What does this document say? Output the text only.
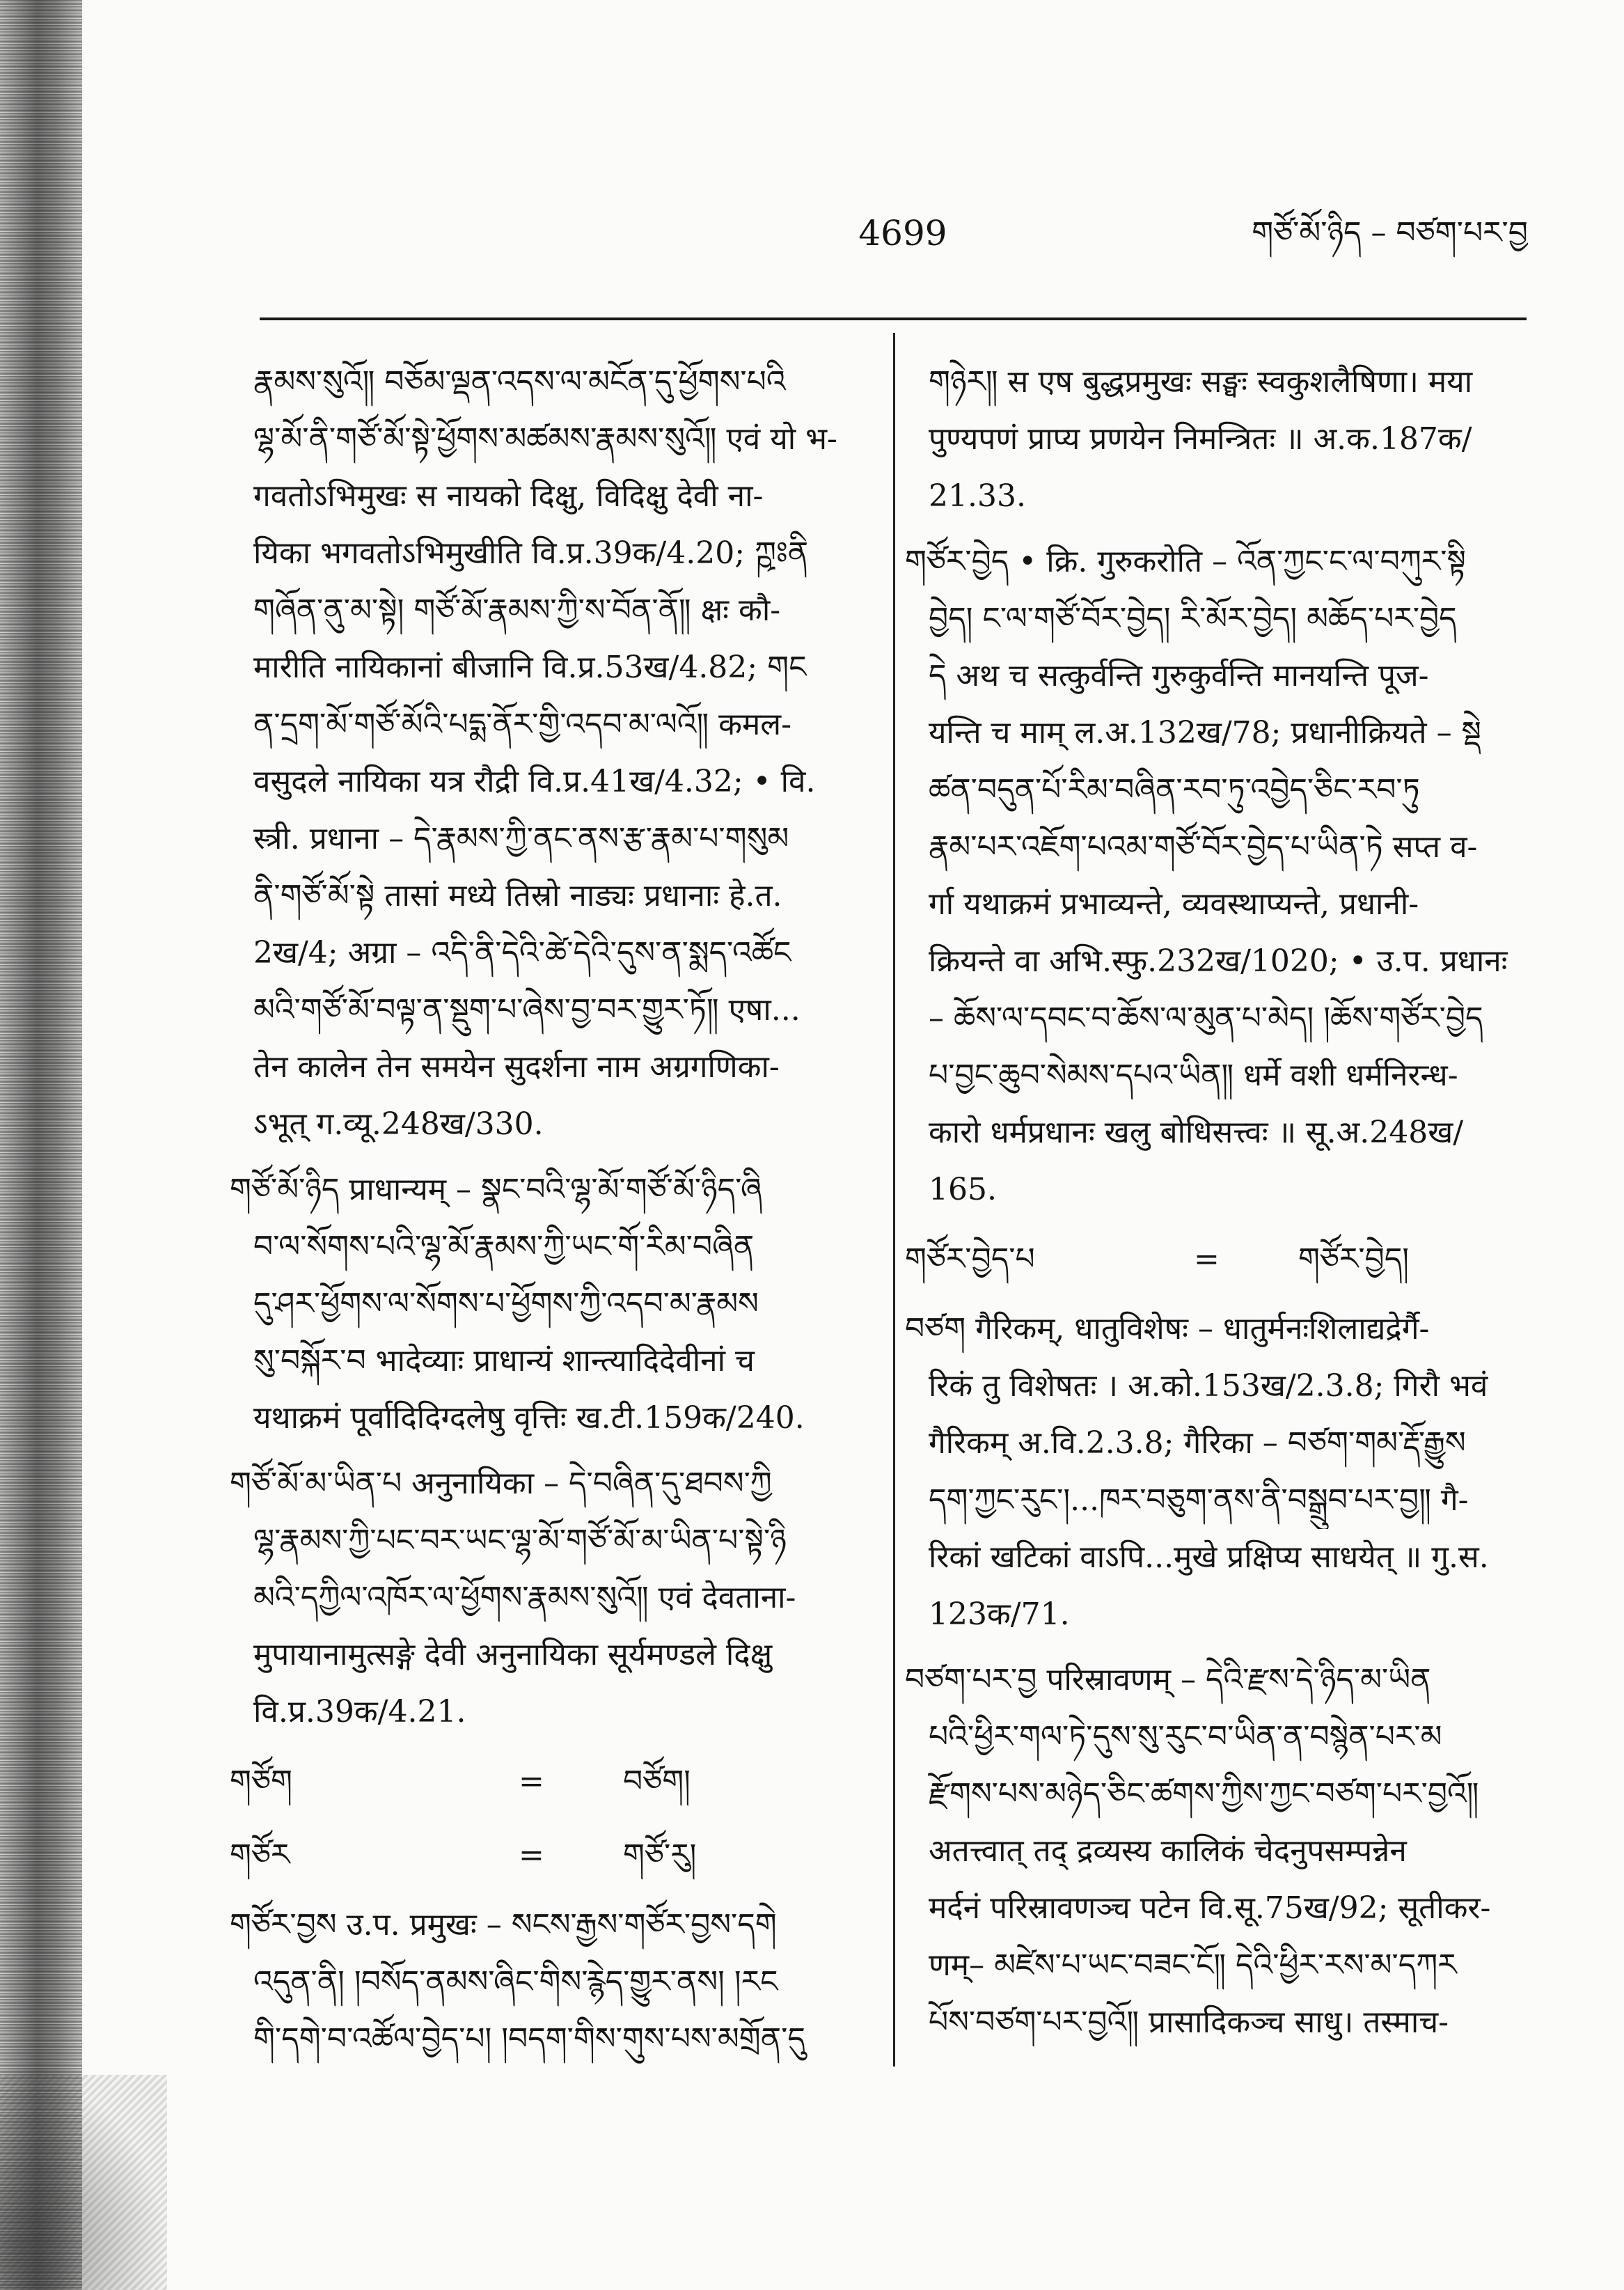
4699	གཙོ་མོ་ཉིད – བཙག་པར་བྱ
རྣམས་སུའོ༎ བཅོམ་ལྡན་འདས་ལ་མངོན་དུ་ཕྱོགས་པའི
ལྷ་མོ་ནི་གཙོ་མོ་སྟེ་ཕྱོགས་མཚམས་རྣམས་སུའོ༎ एवं यो भ-
गवतोऽभिमुखः स नायको दिक्षु, विदिक्षु देवी ना-
यिका भगवतोऽभिमुखीति वि.प्र.39क/4.20; ཀྵཿནི
གཞོན་ནུ་མ་སྟེ། གཙོ་མོ་རྣམས་ཀྱི་ས་བོན་ནོ༎ क्षः कौ-
मारीति नायिकानां बीजानि वि.प्र.53ख/4.82; གང
ན་དྲག་མོ་གཙོ་མོའི་པདྨ་ནོར་གྱི་འདབ་མ་ལའོ༎ कमल-
वसुदले नायिका यत्र रौद्री वि.प्र.41ख/4.32; • वि.
स्त्री. प्रधाना – དེ་རྣམས་ཀྱི་ནང་ནས་རྩ་རྣམ་པ་གསུམ
ནི་གཙོ་མོ་སྟེ तासां मध्ये तिस्रो नाड्यः प्रधानाः हे.त.
2ख/4; अग्रा – འདི་ནི་དེའི་ཚེ་དེའི་དུས་ན་སྨད་འཚོང
མའི་གཙོ་མོ་བལྟ་ན་སྡུག་པ་ཞེས་བྱ་བར་གྱུར་ཏོ༎ एषा...
तेन कालेन तेन समयेन सुदर्शना नाम अग्रगणिका-
ऽभूत् ग.व्यू.248ख/330.
གཙོ་མོ་ཉིད प्राधान्यम् – སྣང་བའི་ལྷ་མོ་གཙོ་མོ་ཉིད་ཞི
བ་ལ་སོགས་པའི་ལྷ་མོ་རྣམས་ཀྱི་ཡང་གོ་རིམ་བཞིན
དུ་ཤར་ཕྱོགས་ལ་སོགས་པ་ཕྱོགས་ཀྱི་འདབ་མ་རྣམས
སུ་བསྐོར་བ भादेव्याः प्राधान्यं शान्त्यादिदेवीनां च
यथाक्रमं पूर्वादिदिग्दलेषु वृत्तिः ख.टी.159क/240.
གཙོ་མོ་མ་ཡིན་པ अनुनायिका – དེ་བཞིན་དུ་ཐབས་ཀྱི
ལྷ་རྣམས་ཀྱི་པང་བར་ཡང་ལྷ་མོ་གཙོ་མོ་མ་ཡིན་པ་སྟེ་ཉི
མའི་དཀྱིལ་འཁོར་ལ་ཕྱོགས་རྣམས་སུའོ༎ एवं देवताना-
मुपायानामुत्सङ्गे देवी अनुनायिका सूर्यमण्डले दिक्षु
वि.प्र.39क/4.21.
གཙོག	=	བཙོག།
གཙོར	=	གཙོ་རུ།
གཙོར་བྱས उ.प. प्रमुखः – སངས་རྒྱས་གཙོར་བྱས་དགེ
འདུན་ནི། །བསོད་ནམས་ཞིང་གིས་རྙེད་གྱུར་ནས། །རང
གི་དགེ་བ་འཚོལ་བྱེད་པ། །བདག་གིས་གུས་པས་མགྲོན་དུ
གཉེར༎ स एष बुद्धप्रमुखः सङ्घः स्वकुशलैषिणा। मया
पुण्यपणं प्राप्य प्रणयेन निमन्त्रितः ॥ अ.क.187क/
21.33.
གཙོར་བྱེད • क्रि. गुरुकरोति – འོན་ཀྱང་ང་ལ་བཀུར་སྟི
བྱེད། ང་ལ་གཙོ་བོར་བྱེད། རི་མོར་བྱེད། མཆོད་པར་བྱེད
དེ अथ च सत्कुर्वन्ति गुरुकुर्वन्ति मानयन्ति पूज-
यन्ति च माम् ल.अ.132ख/78; प्रधानीक्रियते – སྡེ
ཚན་བདུན་པོ་རིམ་བཞིན་རབ་ཏུ་འབྱེད་ཅིང་རབ་ཏུ
རྣམ་པར་འཇོག་པའམ་གཙོ་བོར་བྱེད་པ་ཡིན་ཏེ सप्त व-
र्गा यथाक्रमं प्रभाव्यन्ते, व्यवस्थाप्यन्ते, प्रधानी-
क्रियन्ते वा अभि.स्फु.232ख/1020; • उ.प. प्रधानः
– ཆོས་ལ་དབང་བ་ཆོས་ལ་མུན་པ་མེད། །ཆོས་གཙོར་བྱེད
པ་བྱང་ཆུབ་སེམས་དཔའ་ཡིན༎ धर्मे वशी धर्मनिरन्ध-
कारो धर्मप्रधानः खलु बोधिसत्त्वः ॥ सू.अ.248ख/
165.
གཙོར་བྱེད་པ	=	གཙོར་བྱེད།
བཙག गैरिकम्, धातुविशेषः – धातुर्मनःशिलाद्यद्रेर्गै-
रिकं तु विशेषतः । अ.को.153ख/2.3.8; गिरौ भवं
गैरिकम् अ.वि.2.3.8; गैरिका – བཙག་གམ་རྡོ་རྒྱུས
དག་ཀྱང་རུང་།...ཁར་བཅུག་ནས་ནི་བསྒྲུབ་པར་བྱ༎ गै-
रिकां खटिकां वाऽपि...मुखे प्रक्षिप्य साधयेत् ॥ गु.स.
123क/71.
བཙག་པར་བྱ परिस्रावणम् – དེའི་རྫས་དེ་ཉིད་མ་ཡིན
པའི་ཕྱིར་གལ་ཏེ་དུས་སུ་རུང་བ་ཡིན་ན་བསྙེན་པར་མ
རྫོགས་པས་མཉེད་ཅིང་ཚགས་ཀྱིས་ཀྱང་བཙག་པར་བྱའོ༎
अतत्त्वात् तद् द्रव्यस्य कालिकं चेदनुपसम्पन्नेन
मर्दनं परिस्रावणञ्च पटेन वि.सू.75ख/92; सूतीकर-
णम्– མཛེས་པ་ཡང་བཟང་ངོ༎ དེའི་ཕྱིར་རས་མ་དཀར
པོས་བཙག་པར་བྱའོ༎ प्रासादिकञ्च साधु। तस्माच-
